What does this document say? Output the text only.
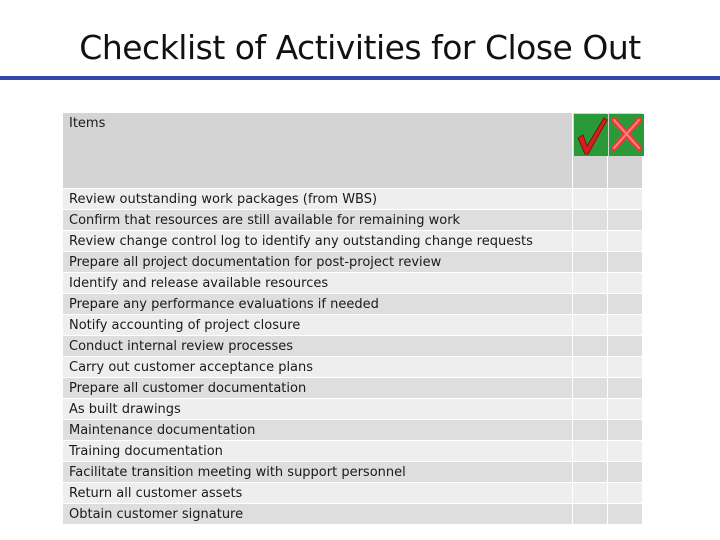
Checklist of Activities for Close Out
Items	

Review outstanding work packages (from WBS)		
Confirm that resources are still available for remaining work		
Review change control log to identify any outstanding change requests		
Prepare all project documentation for post-project review		
Identify and release available resources		
Prepare any performance evaluations if needed		
Notify accounting of project closure		
Conduct internal review processes		
Carry out customer acceptance plans		
Prepare all customer documentation		
As built drawings		
Maintenance documentation		
Training documentation		
Facilitate transition meeting with support personnel		
Return all customer assets		
Obtain customer signature		
